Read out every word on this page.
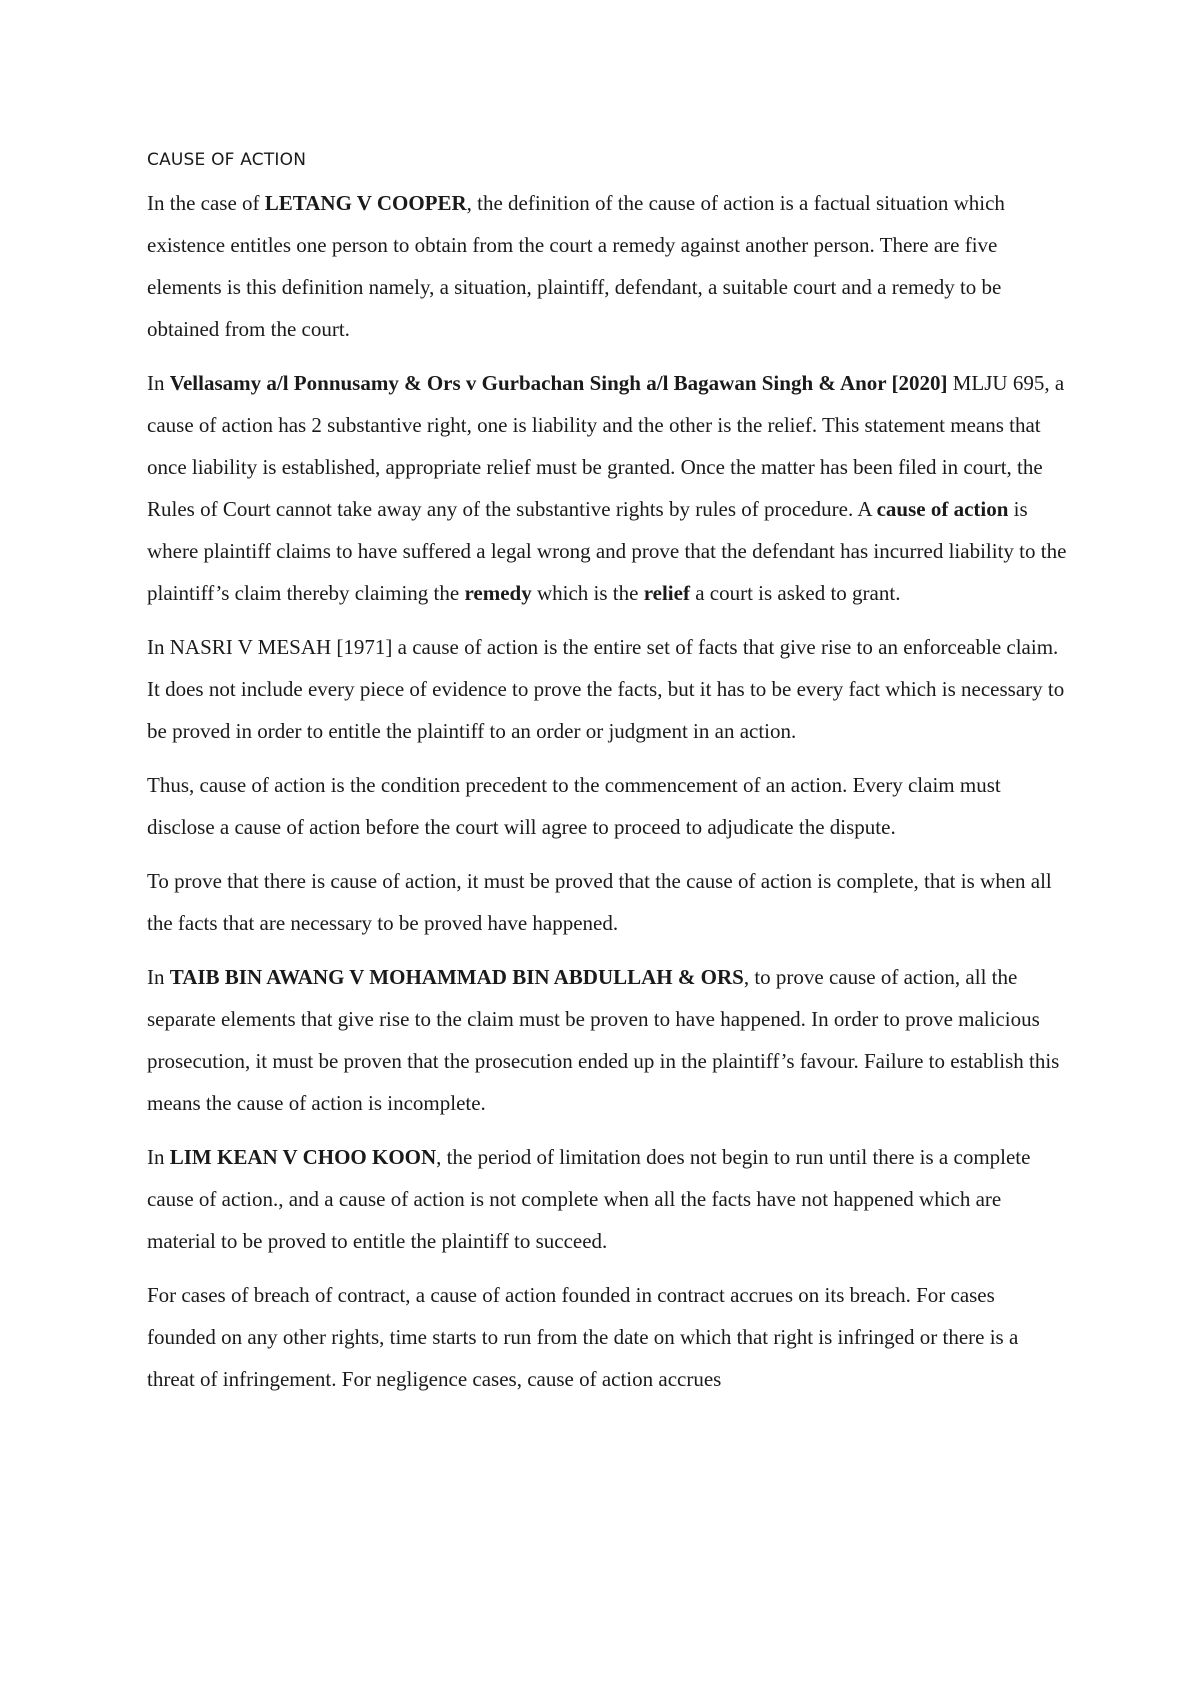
CAUSE OF ACTION

In the case of LETANG V COOPER, the definition of the cause of action is a factual situation which existence entitles one person to obtain from the court a remedy against another person. There are five elements is this definition namely, a situation, plaintiff, defendant, a suitable court and a remedy to be obtained from the court.

In Vellasamy a/l Ponnusamy & Ors v Gurbachan Singh a/l Bagawan Singh & Anor [2020] MLJU 695, a cause of action has 2 substantive right, one is liability and the other is the relief. This statement means that once liability is established, appropriate relief must be granted. Once the matter has been filed in court, the Rules of Court cannot take away any of the substantive rights by rules of procedure. A cause of action is where plaintiff claims to have suffered a legal wrong and prove that the defendant has incurred liability to the plaintiff’s claim thereby claiming the remedy which is the relief a court is asked to grant.

In NASRI V MESAH [1971] a cause of action is the entire set of facts that give rise to an enforceable claim. It does not include every piece of evidence to prove the facts, but it has to be every fact which is necessary to be proved in order to entitle the plaintiff to an order or judgment in an action.

Thus, cause of action is the condition precedent to the commencement of an action. Every claim must disclose a cause of action before the court will agree to proceed to adjudicate the dispute.

To prove that there is cause of action, it must be proved that the cause of action is complete, that is when all the facts that are necessary to be proved have happened.

In TAIB BIN AWANG V MOHAMMAD BIN ABDULLAH & ORS, to prove cause of action, all the separate elements that give rise to the claim must be proven to have happened. In order to prove malicious prosecution, it must be proven that the prosecution ended up in the plaintiff’s favour. Failure to establish this means the cause of action is incomplete.

In LIM KEAN V CHOO KOON, the period of limitation does not begin to run until there is a complete cause of action., and a cause of action is not complete when all the facts have not happened which are material to be proved to entitle the plaintiff to succeed.

For cases of breach of contract, a cause of action founded in contract accrues on its breach. For cases founded on any other rights, time starts to run from the date on which that right is infringed or there is a threat of infringement. For negligence cases, cause of action accrues
